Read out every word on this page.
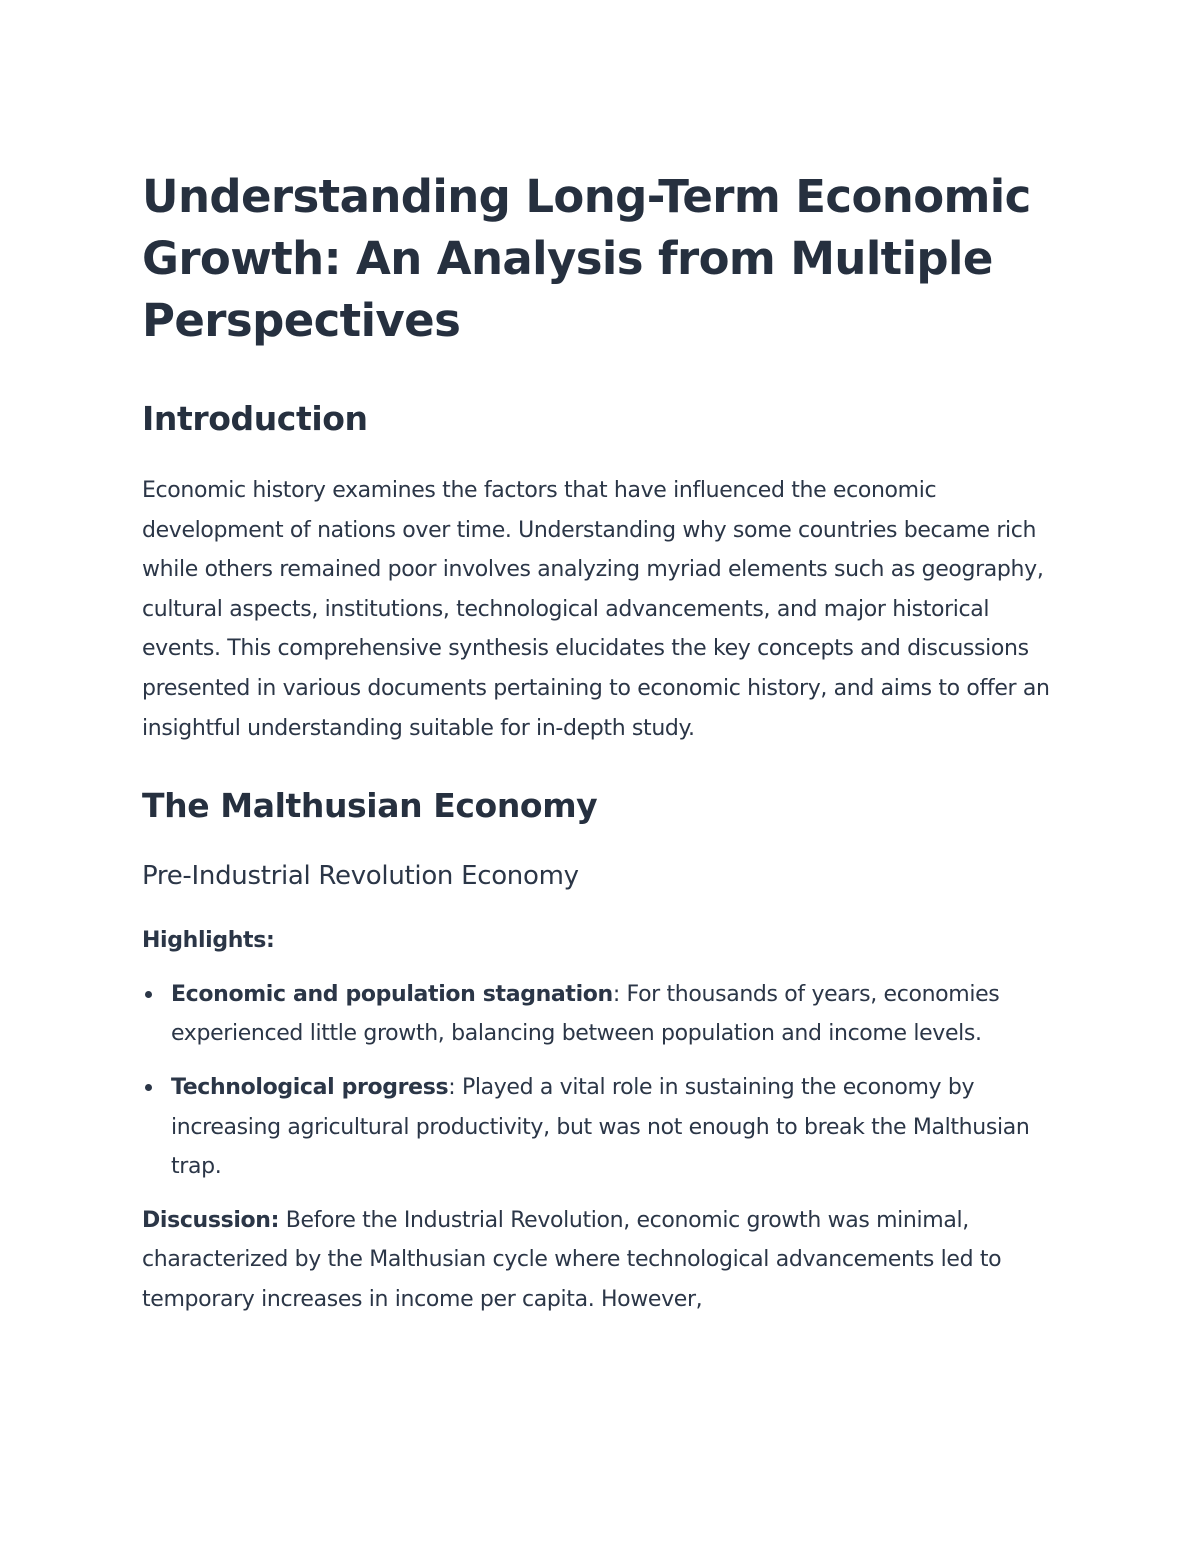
Understanding Long-Term Economic Growth: An Analysis from Multiple Perspectives
Introduction

Economic history examines the factors that have influenced the economic development of nations over time. Understanding why some countries became rich while others remained poor involves analyzing myriad elements such as geography, cultural aspects, institutions, technological advancements, and major historical events. This comprehensive synthesis elucidates the key concepts and discussions presented in various documents pertaining to economic history, and aims to offer an insightful understanding suitable for in-depth study.

The Malthusian Economy
Pre-Industrial Revolution Economy

Highlights:

Economic and population stagnation: For thousands of years, economies experienced little growth, balancing between population and income levels.
Technological progress: Played a vital role in sustaining the economy by increasing agricultural productivity, but was not enough to break the Malthusian trap.

Discussion: Before the Industrial Revolution, economic growth was minimal, characterized by the Malthusian cycle where technological advancements led to temporary increases in income per capita. However,
